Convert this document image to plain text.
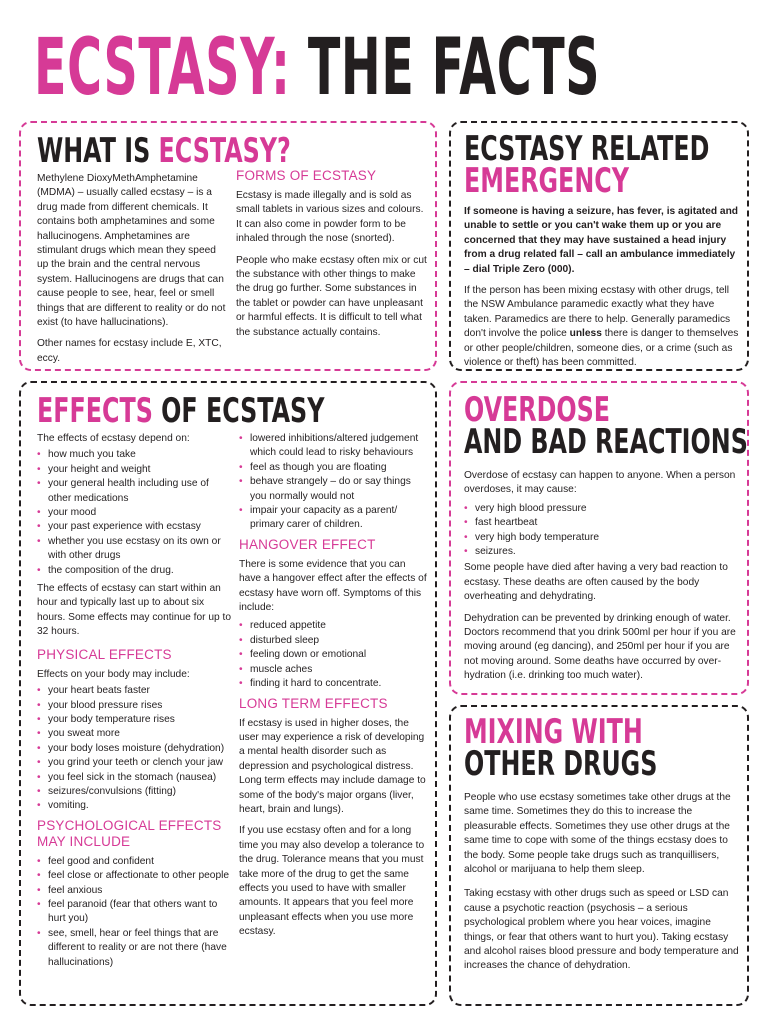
ECSTASY: THE FACTS
WHAT IS ECSTASY?

Methylene DioxyMethAmphetamine (MDMA) – usually called ecstasy – is a drug made from different chemicals. It contains both amphetamines and some hallucinogens. Amphetamines are stimulant drugs which mean they speed up the brain and the central nervous system. Hallucinogens are drugs that can cause people to see, hear, feel or smell things that are different to reality or do not exist (to have hallucinations).

Other names for ecstasy include E, XTC, eccy.

FORMS OF ECSTASY

Ecstasy is made illegally and is sold as small tablets in various sizes and colours. It can also come in powder form to be inhaled through the nose (snorted).

People who make ecstasy often mix or cut the substance with other things to make the drug go further. Some substances in the tablet or powder can have unpleasant or harmful effects. It is difficult to tell what the substance actually contains.

ECSTASY RELATED
EMERGENCY

If someone is having a seizure, has fever, is agitated and unable to settle or you can't wake them up or you are concerned that they may have sustained a head injury from a drug related fall – call an ambulance immediately – dial Triple Zero (000).

If the person has been mixing ecstasy with other drugs, tell the NSW Ambulance paramedic exactly what they have taken. Paramedics are there to help. Generally paramedics don't involve the police unless there is danger to themselves or other people/children, someone dies, or a crime (such as violence or theft) has been committed.

EFFECTS OF ECSTASY

The effects of ecstasy depend on:

• how much you take
• your height and weight
• your general health including use of other medications
• your mood
• your past experience with ecstasy
• whether you use ecstasy on its own or with other drugs
• the composition of the drug.

The effects of ecstasy can start within an hour and typically last up to about six hours. Some effects may continue for up to 32 hours.

PHYSICAL EFFECTS

Effects on your body may include:

• your heart beats faster
• your blood pressure rises
• your body temperature rises
• you sweat more
• your body loses moisture (dehydration)
• you grind your teeth or clench your jaw
• you feel sick in the stomach (nausea)
• seizures/convulsions (fitting)
• vomiting.
PSYCHOLOGICAL EFFECTS MAY INCLUDE
• feel good and confident
• feel close or affectionate to other people
• feel anxious
• feel paranoid (fear that others want to hurt you)
• see, smell, hear or feel things that are different to reality or are not there (have hallucinations)
• lowered inhibitions/altered judgement which could lead to risky behaviours
• feel as though you are floating
• behave strangely – do or say things you normally would not
• impair your capacity as a parent/ primary carer of children.
HANGOVER EFFECT

There is some evidence that you can have a hangover effect after the effects of ecstasy have worn off. Symptoms of this include:

• reduced appetite
• disturbed sleep
• feeling down or emotional
• muscle aches
• finding it hard to concentrate.
LONG TERM EFFECTS

If ecstasy is used in higher doses, the user may experience a risk of developing a mental health disorder such as depression and psychological distress. Long term effects may include damage to some of the body's major organs (liver, heart, brain and lungs).

If you use ecstasy often and for a long time you may also develop a tolerance to the drug. Tolerance means that you must take more of the drug to get the same effects you used to have with smaller amounts. It appears that you feel more unpleasant effects when you use more ecstasy.

OVERDOSE
AND BAD REACTIONS

Overdose of ecstasy can happen to anyone. When a person overdoses, it may cause:

• very high blood pressure
• fast heartbeat
• very high body temperature
• seizures.

Some people have died after having a very bad reaction to ecstasy. These deaths are often caused by the body overheating and dehydrating.

Dehydration can be prevented by drinking enough of water. Doctors recommend that you drink 500ml per hour if you are moving around (eg dancing), and 250ml per hour if you are not moving around. Some deaths have occurred by over-hydration (i.e. drinking too much water).

MIXING WITH
OTHER DRUGS

People who use ecstasy sometimes take other drugs at the same time. Sometimes they do this to increase the pleasurable effects. Sometimes they use other drugs at the same time to cope with some of the things ecstasy does to the body. Some people take drugs such as tranquillisers, alcohol or marijuana to help them sleep.

Taking ecstasy with other drugs such as speed or LSD can cause a psychotic reaction (psychosis – a serious psychological problem where you hear voices, imagine things, or fear that others want to hurt you). Taking ecstasy and alcohol raises blood pressure and body temperature and increases the chance of dehydration.
